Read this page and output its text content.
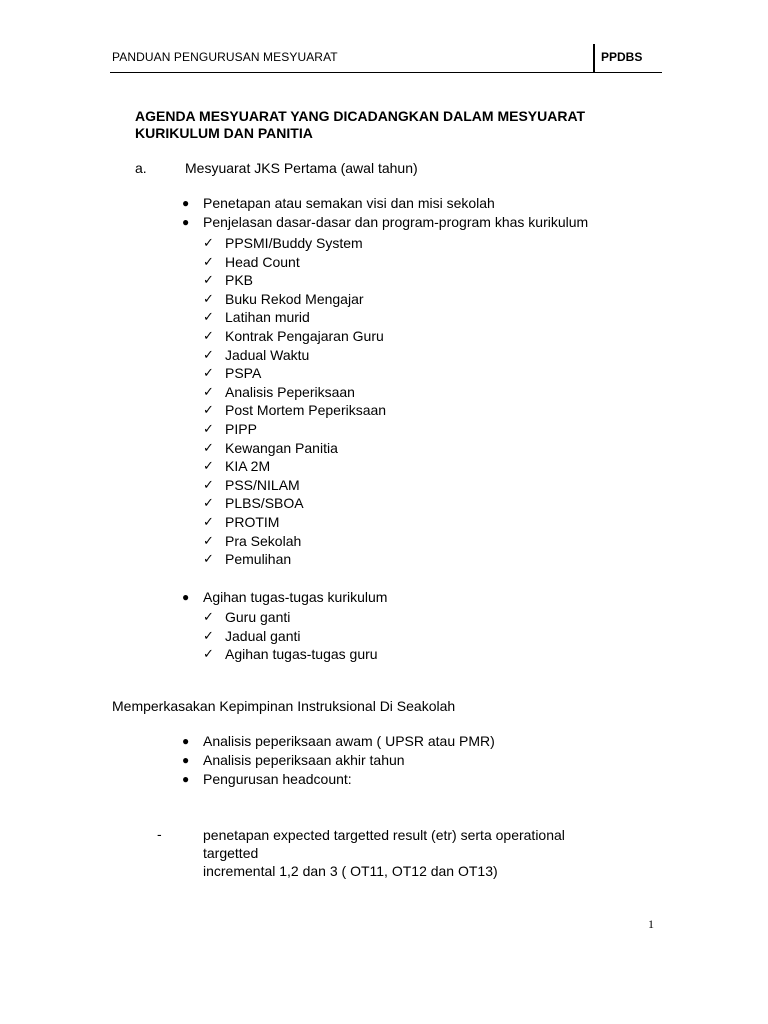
PANDUAN PENGURUSAN MESYUARAT	PPDBS
AGENDA MESYUARAT YANG DICADANGKAN DALAM MESYUARAT KURIKULUM DAN PANITIA
a.	Mesyuarat JKS Pertama (awal tahun)
● Penetapan atau semakan visi dan misi sekolah
● Penjelasan dasar-dasar dan program-program khas kurikulum
✓ PPSMI/Buddy System
✓ Head Count
✓ PKB
✓ Buku Rekod Mengajar
✓ Latihan murid
✓ Kontrak Pengajaran Guru
✓ Jadual Waktu
✓ PSPA
✓ Analisis Peperiksaan
✓ Post Mortem Peperiksaan
✓ PIPP
✓ Kewangan Panitia
✓ KIA 2M
✓ PSS/NILAM
✓ PLBS/SBOA
✓ PROTIM
✓ Pra Sekolah
✓ Pemulihan
● Agihan tugas-tugas kurikulum
✓ Guru ganti
✓ Jadual ganti
✓ Agihan tugas-tugas guru
Memperkasakan Kepimpinan Instruksional Di Seakolah
● Analisis peperiksaan awam ( UPSR atau PMR)
● Analisis peperiksaan akhir tahun
● Pengurusan headcount:
-	penetapan expected targetted result (etr) serta operational
targetted
incremental 1,2 dan 3 ( OT11, OT12 dan OT13)
1
